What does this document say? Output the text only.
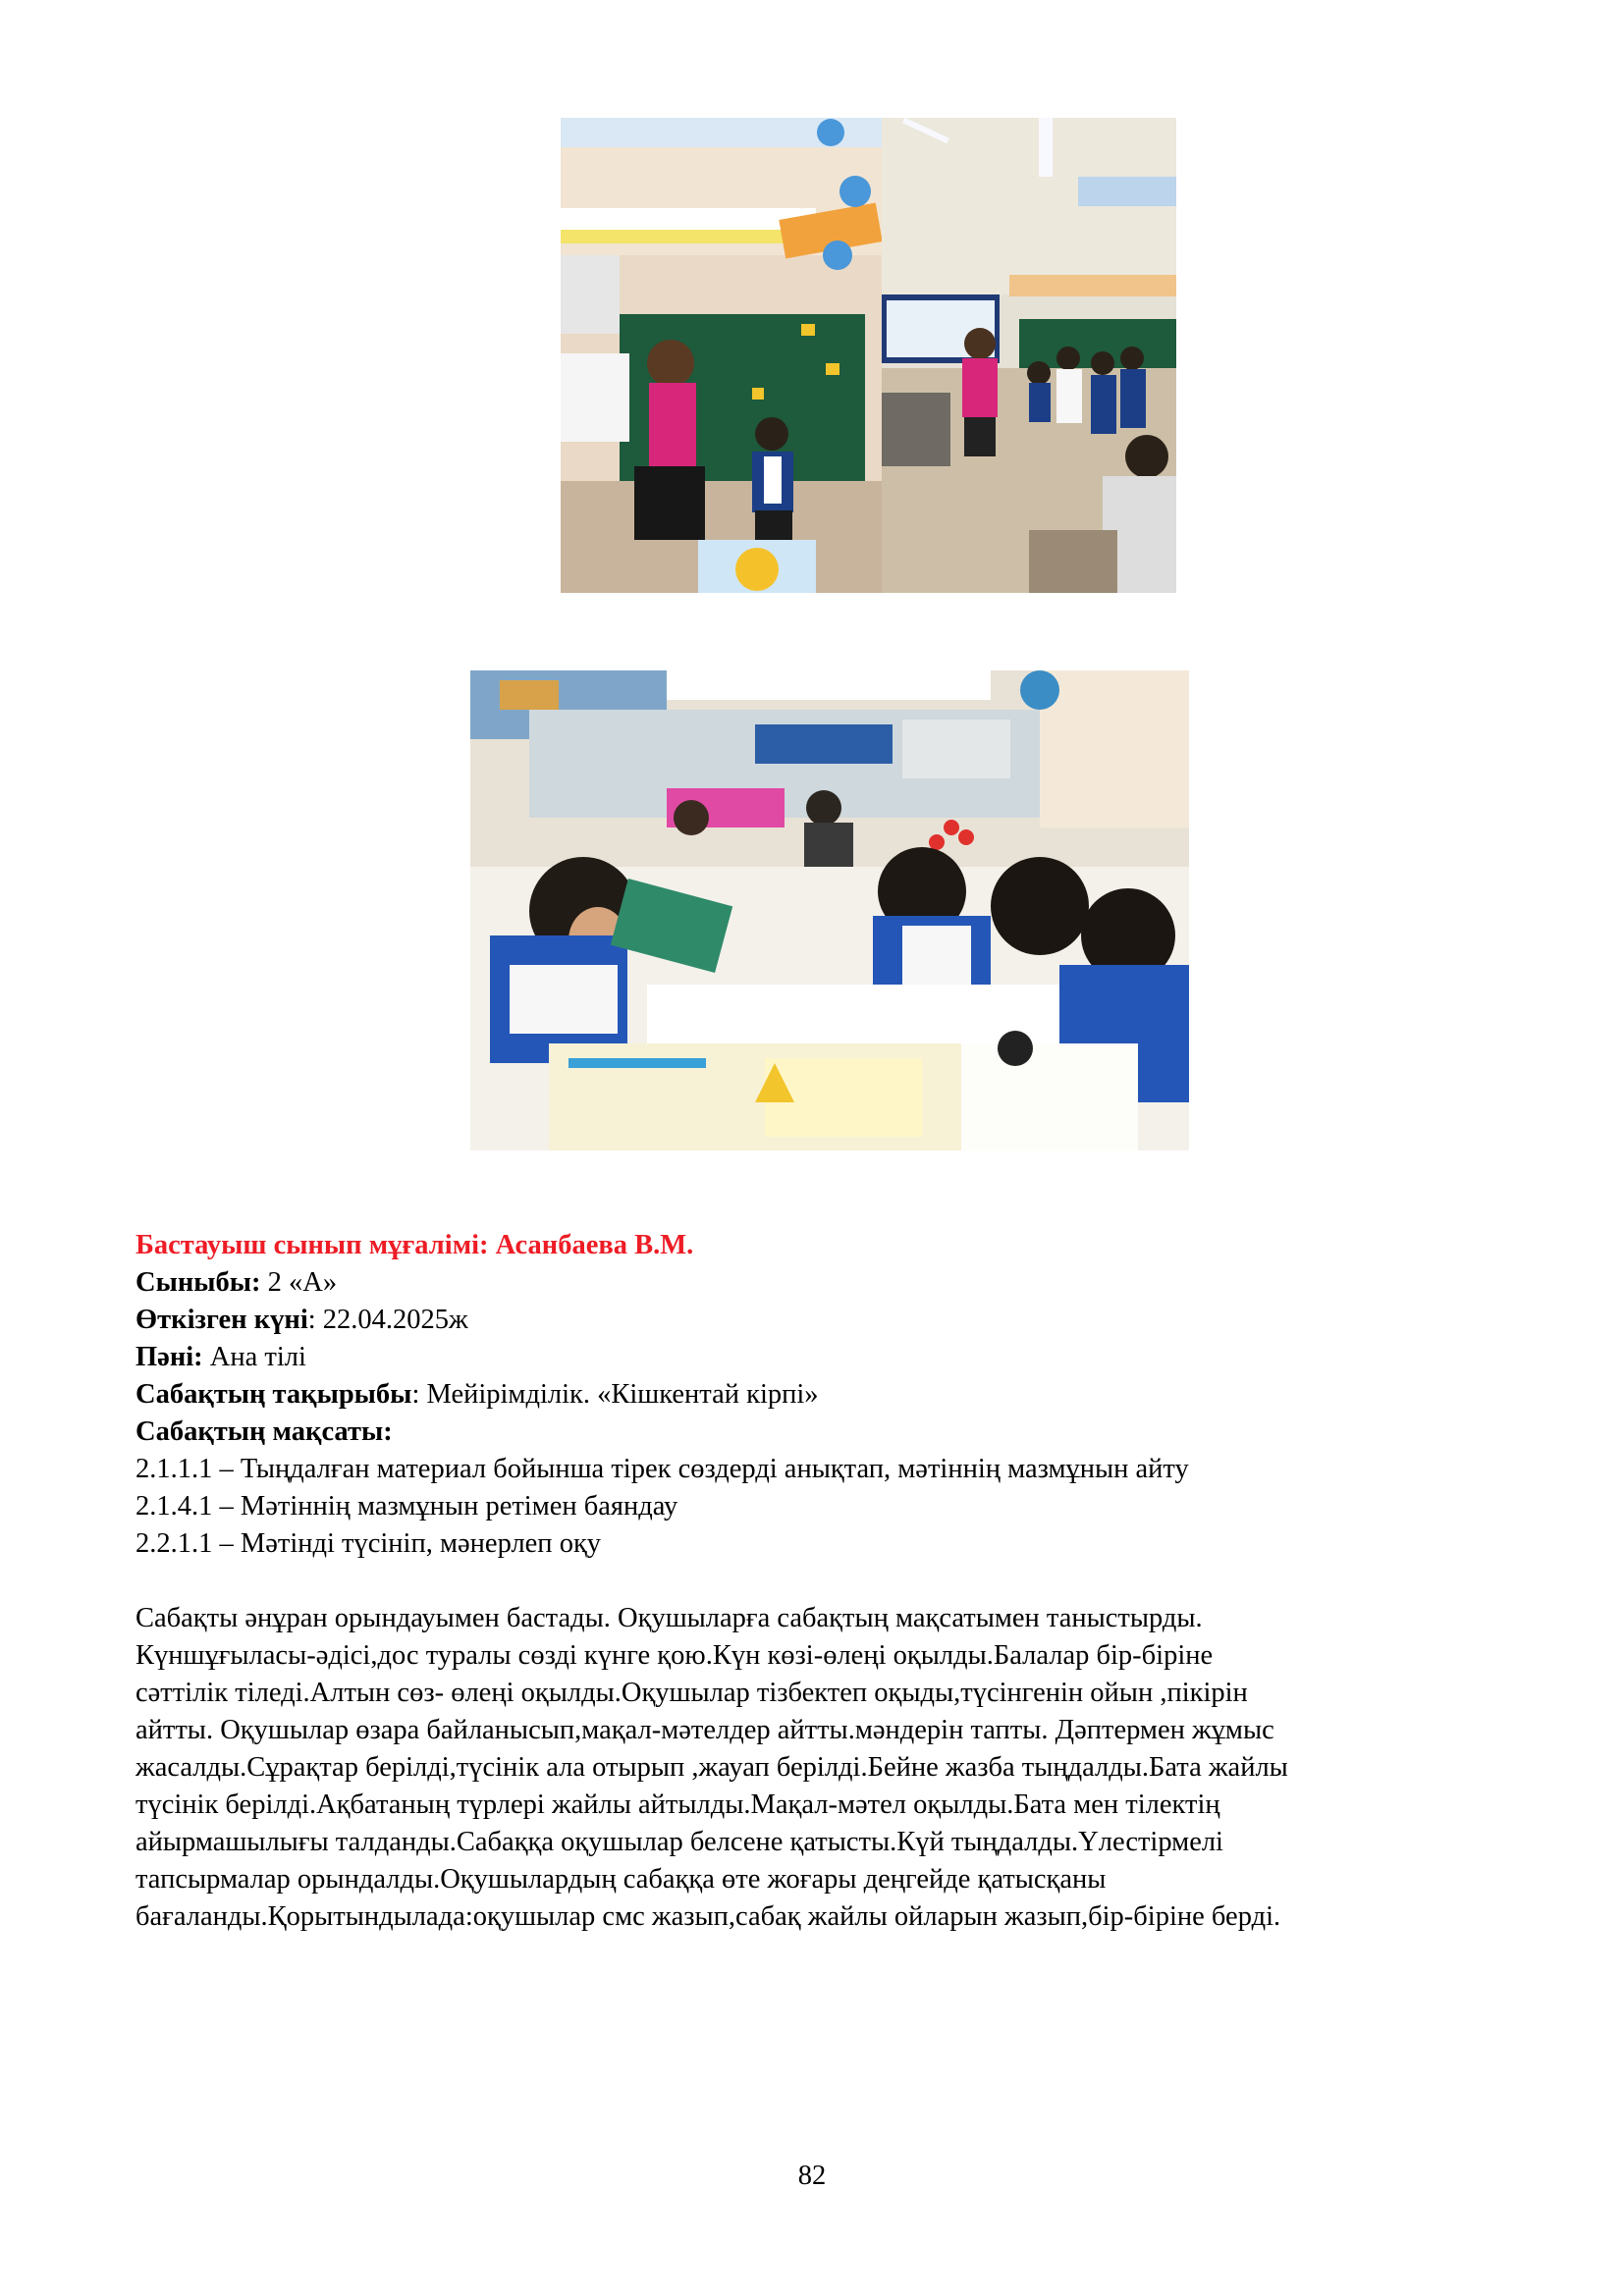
Бастауыш сынып мұғалімі: Асанбаева В.М.

Сыныбы: 2 «А»

Өткізген күні: 22.04.2025ж

Пәні: Ана тілі

Сабақтың тақырыбы: Мейірімділік. «Кішкентай кірпі»

Сабақтың мақсаты:

2.1.1.1 – Тыңдалған материал бойынша тірек сөздерді анықтап, мәтіннің мазмұнын айту

2.1.4.1 – Мәтіннің мазмұнын ретімен баяндау

2.2.1.1 – Мәтінді түсініп, мәнерлеп оқу

Сабақты әнұран орындауымен бастады. Оқушыларға сабақтың мақсатымен таныстырды.
Күншұғыласы-әдісі,дос туралы сөзді күнге қою.Күн көзі-өлеңі оқылды.Балалар бір-біріне
сәттілік тіледі.Алтын сөз- өлеңі оқылды.Оқушылар тізбектеп оқыды,түсінгенін ойын ,пікірін
айтты. Оқушылар өзара байланысып,мақал-мәтелдер айтты.мәндерін тапты. Дәптермен жұмыс
жасалды.Сұрақтар берілді,түсінік ала отырып ,жауап берілді.Бейне жазба тыңдалды.Бата жайлы
түсінік берілді.Ақбатаның түрлері жайлы айтылды.Мақал-мәтел оқылды.Бата мен тілектің
айырмашылығы талданды.Сабаққа оқушылар белсене қатысты.Күй тыңдалды.Үлестірмелі
тапсырмалар орындалды.Оқушылардың сабаққа өте жоғары деңгейде қатысқаны
бағаланды.Қорытындылада:оқушылар смс жазып,сабақ жайлы ойларын жазып,бір-біріне берді.

82
